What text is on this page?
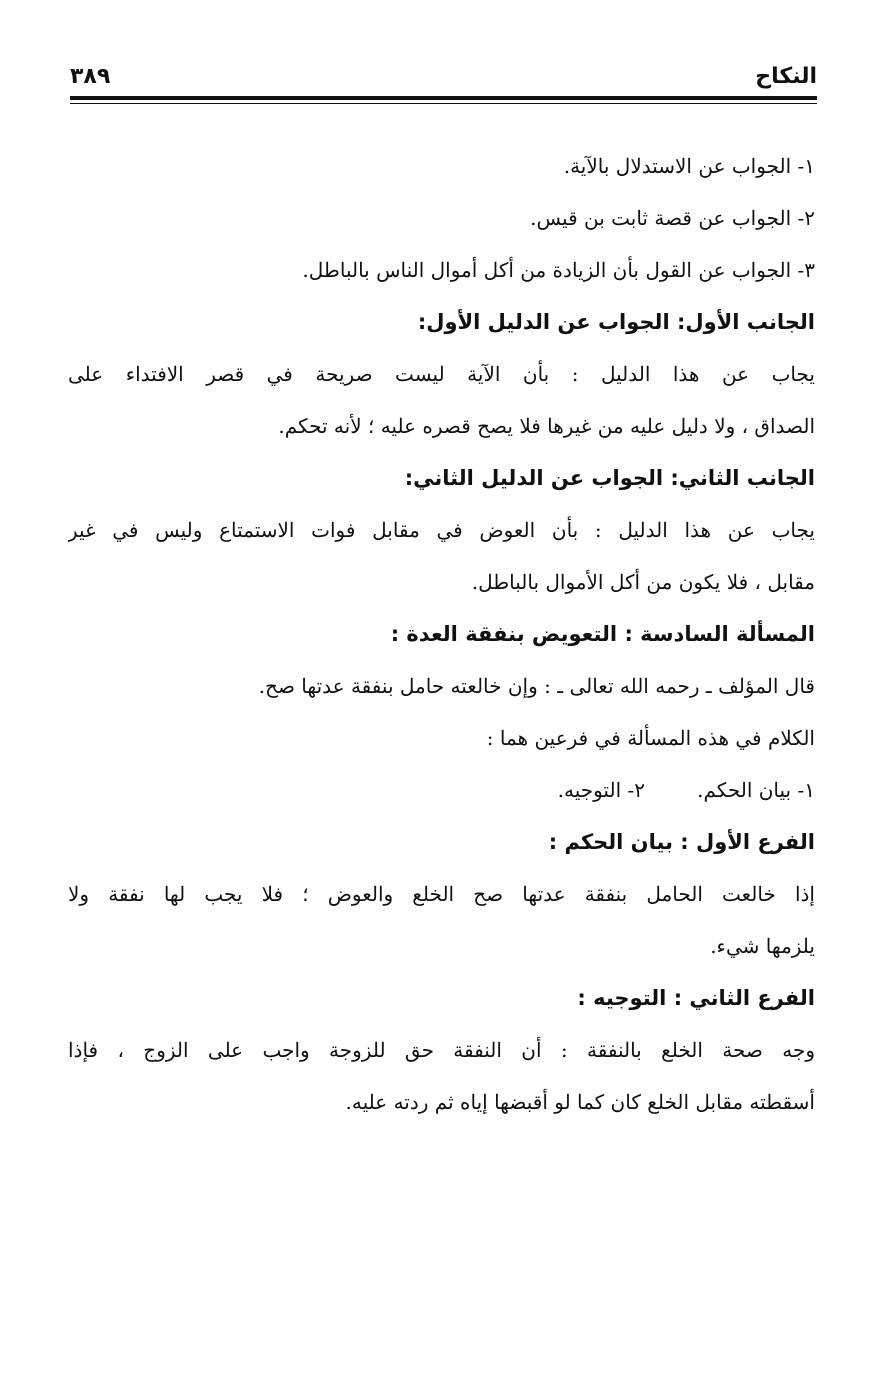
النكاح
٣٨٩
١- الجواب عن الاستدلال بالآية.
٢- الجواب عن قصة ثابت بن قيس.
٣- الجواب عن القول بأن الزيادة من أكل أموال الناس بالباطل.
الجانب الأول: الجواب عن الدليل الأول:
يجاب عن هذا الدليل : بأن الآية ليست صريحة في قصر الافتداء على
الصداق ، ولا دليل عليه من غيرها فلا يصح قصره عليه ؛ لأنه تحكم.
الجانب الثاني: الجواب عن الدليل الثاني:
يجاب عن هذا الدليل : بأن العوض في مقابل فوات الاستمتاع وليس في غير
مقابل ، فلا يكون من أكل الأموال بالباطل.
المسألة السادسة : التعويض بنفقة العدة :
قال المؤلف ـ رحمه الله تعالى ـ : وإن خالعته حامل بنفقة عدتها صح.
الكلام في هذه المسألة في فرعين هما :
١- بيان الحكم.
٢- التوجيه.
الفرع الأول : بيان الحكم :
إذا خالعت الحامل بنفقة عدتها صح الخلع والعوض ؛ فلا يجب لها نفقة ولا
يلزمها شيء.
الفرع الثاني : التوجيه :
وجه صحة الخلع بالنفقة : أن النفقة حق للزوجة واجب على الزوج ، فإذا
أسقطته مقابل الخلع كان كما لو أقبضها إياه ثم ردته عليه.
